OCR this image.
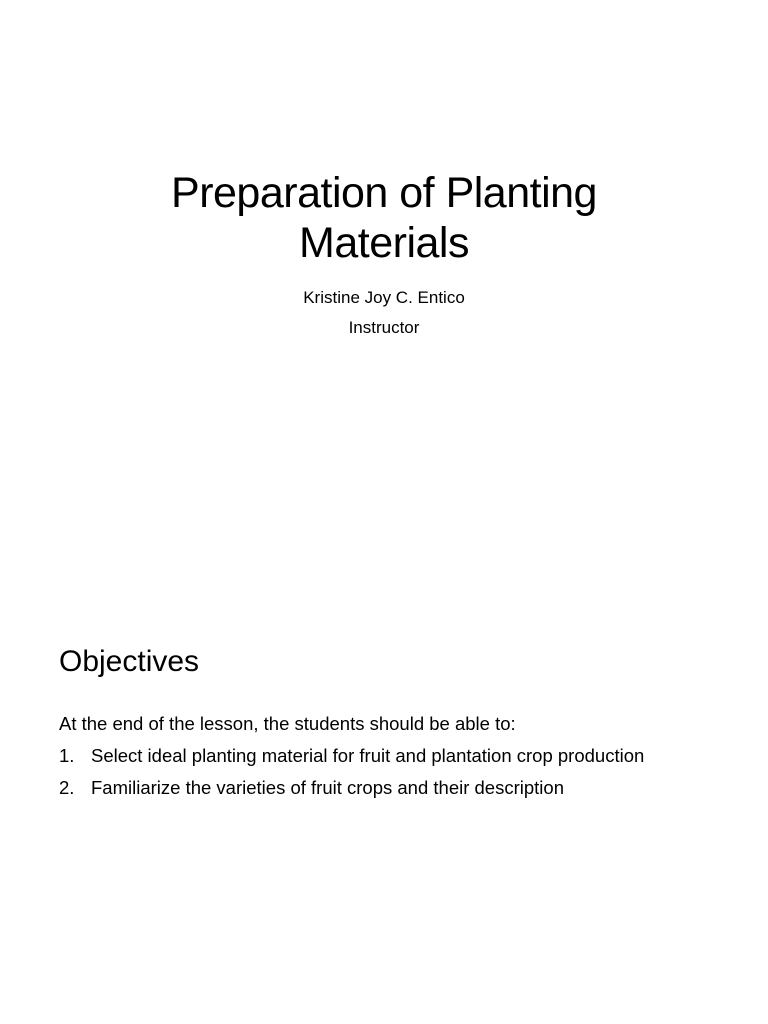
Preparation of Planting
Materials
Kristine Joy C. Entico
Instructor
Objectives
At the end of the lesson, the students should be able to:
1. Select ideal planting material for fruit and plantation crop production
2. Familiarize the varieties of fruit crops and their description
